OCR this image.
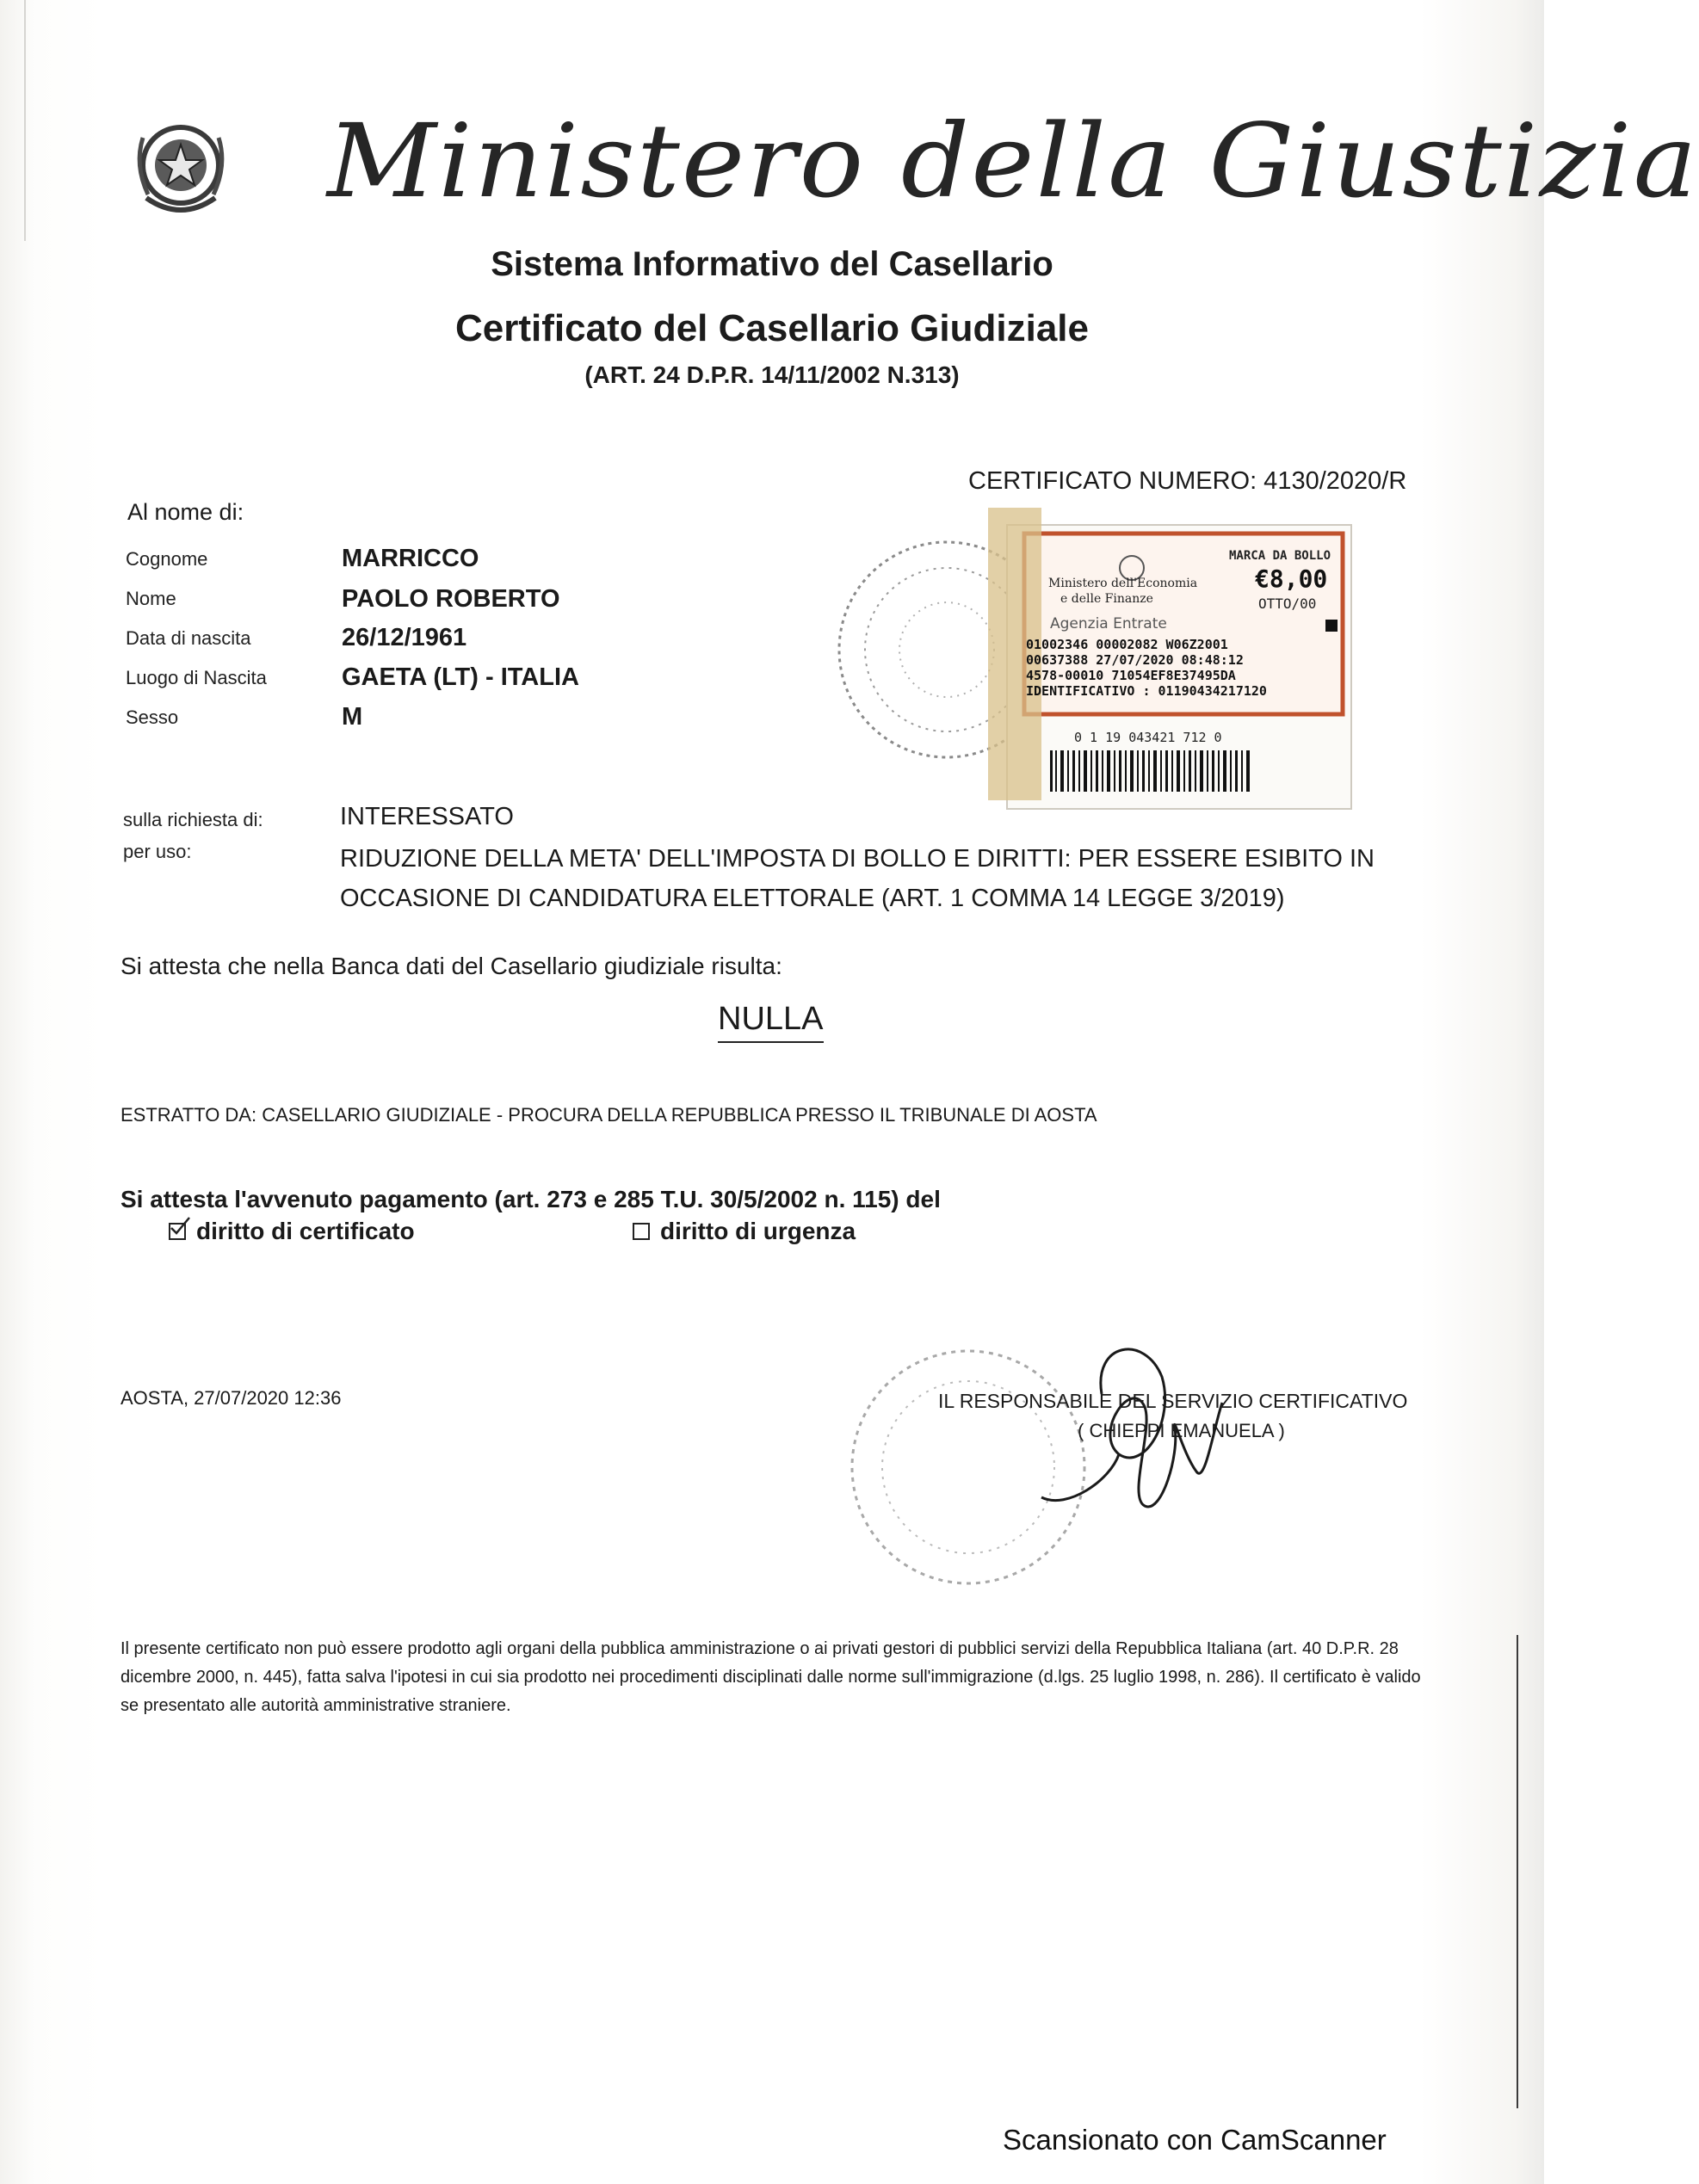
Ministero della Giustizia
Sistema Informativo del Casellario
Certificato del Casellario Giudiziale
(ART. 24 D.P.R. 14/11/2002 N.313)
CERTIFICATO NUMERO: 4130/2020/R
Al nome di:
Cognome	MARRICCO
Nome	PAOLO ROBERTO
Data di nascita	26/12/1961
Luogo di Nascita	GAETA (LT) - ITALIA
Sesso	M
Ministero dell'Economia
e delle Finanze
Agenzia Entrate
MARCA DA BOLLO
€8,00
OTTO/00
01002346 00002082 W06Z2001
00637388 27/07/2020 08:48:12
4578-00010 71054EF8E37495DA
IDENTIFICATIVO : 01190434217120
0 1 19 043421 712 0
sulla richiesta di:	INTERESSATO
per uso:	RIDUZIONE DELLA META' DELL'IMPOSTA DI BOLLO E DIRITTI: PER ESSERE ESIBITO IN
OCCASIONE DI CANDIDATURA ELETTORALE (ART. 1 COMMA 14 LEGGE 3/2019)
Si attesta che nella Banca dati del Casellario giudiziale risulta:
NULLA
ESTRATTO DA: CASELLARIO GIUDIZIALE - PROCURA DELLA REPUBBLICA PRESSO IL TRIBUNALE DI AOSTA
Si attesta l'avvenuto pagamento (art. 273 e 285 T.U. 30/5/2002 n. 115) del
diritto di certificato	diritto di urgenza
AOSTA, 27/07/2020 12:36	IL RESPONSABILE DEL SERVIZIO CERTIFICATIVO
( CHIEPPI EMANUELA )
Il presente certificato non può essere prodotto agli organi della pubblica amministrazione o ai privati gestori di pubblici servizi della Repubblica Italiana (art. 40 D.P.R. 28 dicembre 2000, n. 445), fatta salva l'ipotesi in cui sia prodotto nei procedimenti disciplinati dalle norme sull'immigrazione (d.lgs. 25 luglio 1998, n. 286). Il certificato è valido se presentato alle autorità amministrative straniere.
Scansionato con CamScanner
